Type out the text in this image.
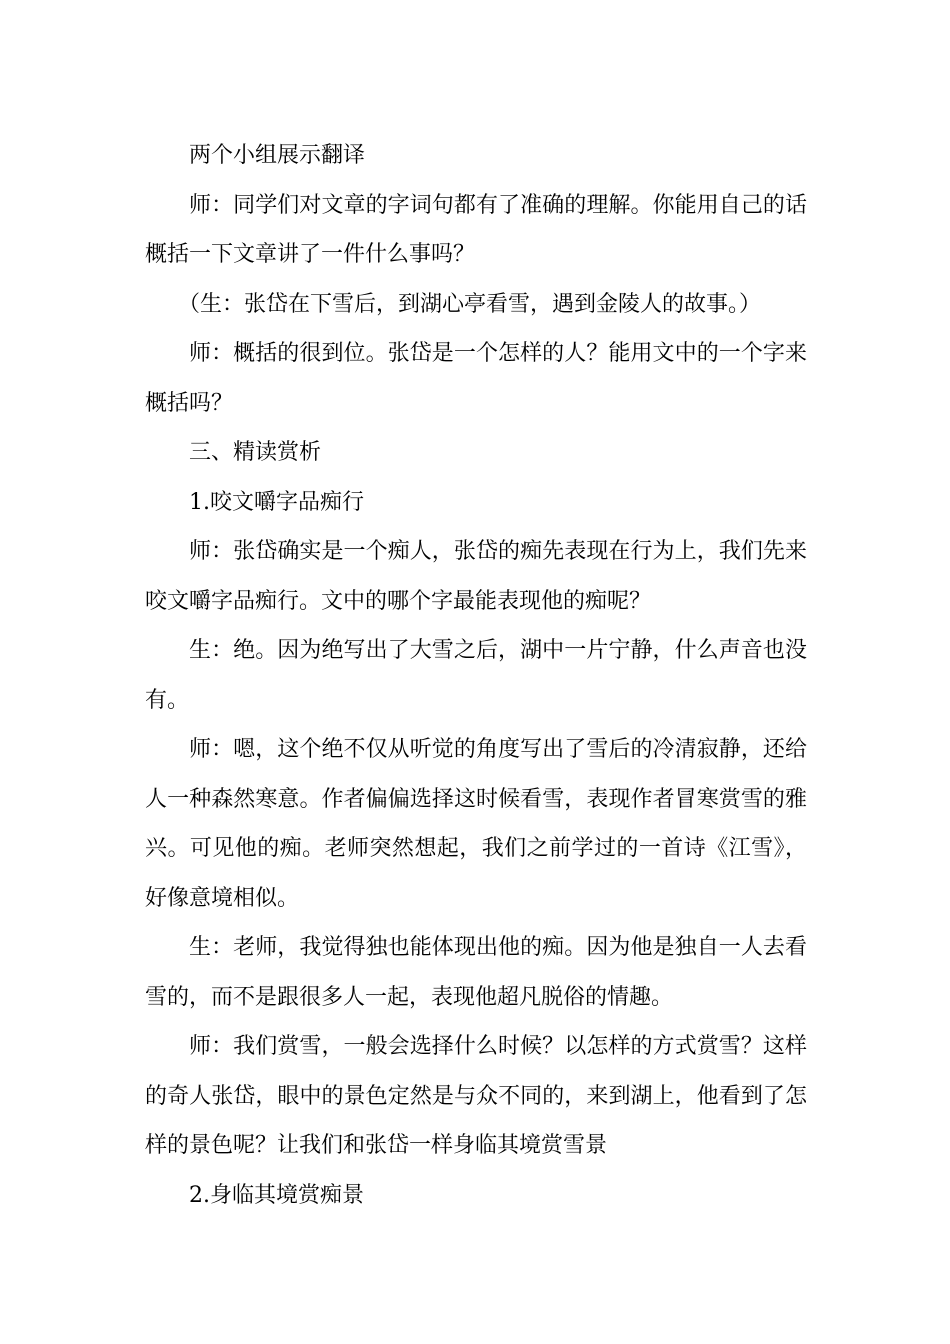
两个小组展示翻译

师：同学们对文章的字词句都有了准确的理解。你能用自己的话概括一下文章讲了一件什么事吗？

（生：张岱在下雪后，到湖心亭看雪，遇到金陵人的故事。）

师：概括的很到位。张岱是一个怎样的人？能用文中的一个字来概括吗？

三、精读赏析

1.咬文嚼字品痴行

师：张岱确实是一个痴人，张岱的痴先表现在行为上，我们先来咬文嚼字品痴行。文中的哪个字最能表现他的痴呢？

生：绝。因为绝写出了大雪之后，湖中一片宁静，什么声音也没有。

师：嗯，这个绝不仅从听觉的角度写出了雪后的冷清寂静，还给人一种森然寒意。作者偏偏选择这时候看雪，表现作者冒寒赏雪的雅兴。可见他的痴。老师突然想起，我们之前学过的一首诗《江雪》，好像意境相似。

生：老师，我觉得独也能体现出他的痴。因为他是独自一人去看雪的，而不是跟很多人一起，表现他超凡脱俗的情趣。

师：我们赏雪，一般会选择什么时候？以怎样的方式赏雪？这样的奇人张岱，眼中的景色定然是与众不同的，来到湖上，他看到了怎样的景色呢？让我们和张岱一样身临其境赏雪景

2.身临其境赏痴景
